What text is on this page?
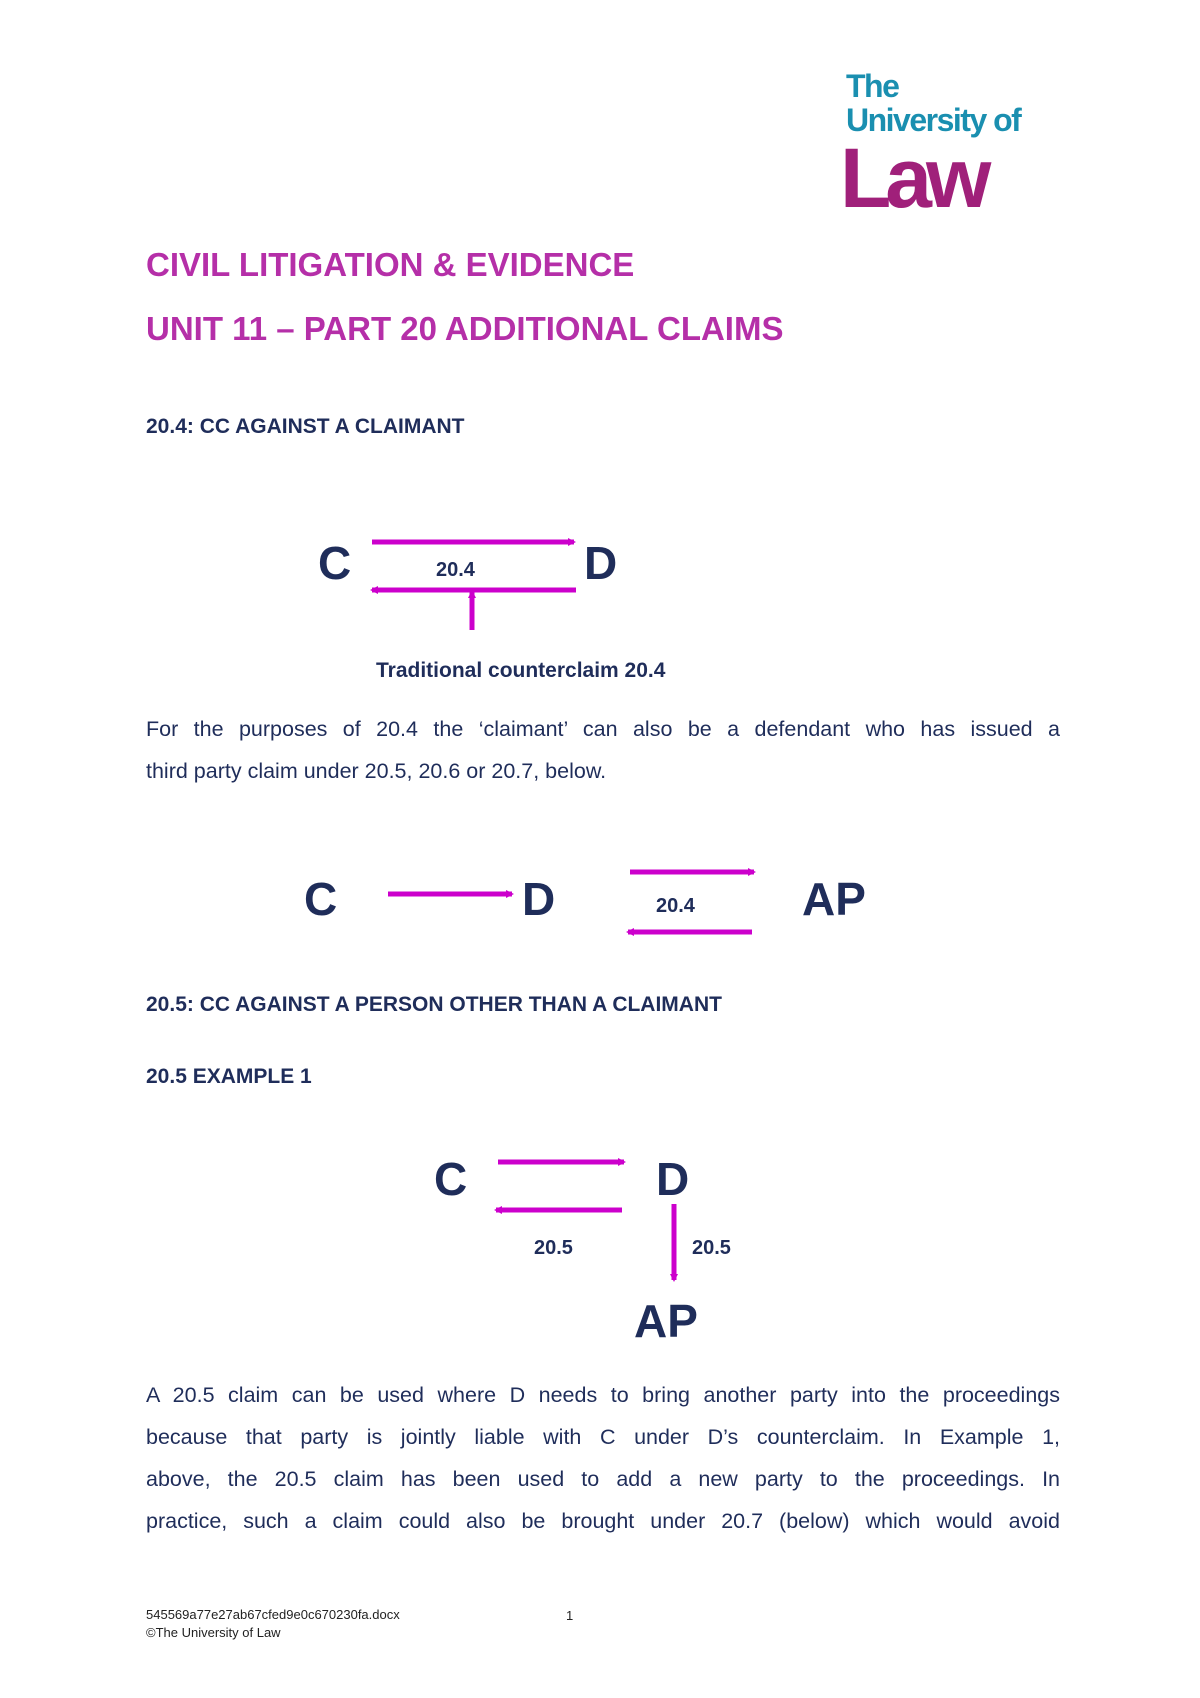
The
University of
Law
CIVIL LITIGATION & EVIDENCE
UNIT 11 – PART 20 ADDITIONAL CLAIMS
20.4: CC AGAINST A CLAIMANT
C	D
20.4
Traditional counterclaim 20.4
For the purposes of 20.4 the ‘claimant’ can also be a defendant who has issued a
third party claim under 20.5, 20.6 or 20.7, below.
C	D	20.4 AP
20.5: CC AGAINST A PERSON OTHER THAN A CLAIMANT
20.5 EXAMPLE 1
C	D
20.5	20.5
AP
A 20.5 claim can be used where D needs to bring another party into the proceedings
because that party is jointly liable with C under D’s counterclaim. In Example 1,
above, the 20.5 claim has been used to add a new party to the proceedings. In
practice, such a claim could also be brought under 20.7 (below) which would avoid
545569a77e27ab67cfed9e0c670230fa.docx	1
©The University of Law
